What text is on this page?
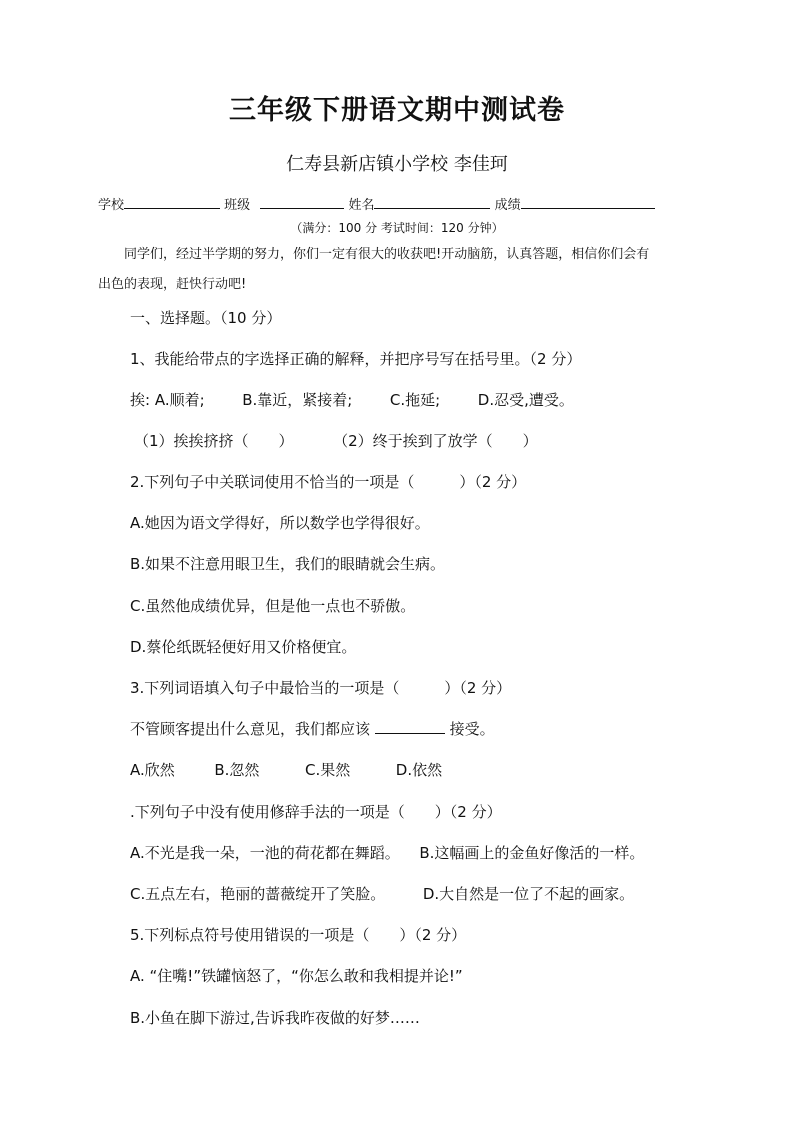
三年级下册语文期中测试卷
仁寿县新店镇小学校 李佳珂
学校	班级	姓名	成绩
（满分：100 分 考试时间：120 分钟）
同学们，经过半学期的努力，你们一定有很大的收获吧!开动脑筋，认真答题，相信你们会有
出色的表现，赶快行动吧!
一、选择题。（10 分）
1、我能给带点的字选择正确的解释，并把序号写在括号里。（2 分）
挨: A.顺着;	B.靠近，紧接着;	C.拖延;	D.忍受,遭受。
（1）挨挨挤挤（　　）	（2）终于挨到了放学（　　）
2.下列句子中关联词使用不恰当的一项是（　　　）（2 分）
A.她因为语文学得好，所以数学也学得很好。
B.如果不注意用眼卫生，我们的眼睛就会生病。
C.虽然他成绩优异，但是他一点也不骄傲。
D.蔡伦纸既轻便好用又价格便宜。
3.下列词语填入句子中最恰当的一项是（　　　）（2 分）
不管顾客提出什么意见，我们都应该	接受。
A.欣然	B.忽然	C.果然	D.依然
.下列句子中没有使用修辞手法的一项是（　　）（2 分）
A.不光是我一朵，一池的荷花都在舞蹈。 B.这幅画上的金鱼好像活的一样。
C.五点左右，艳丽的蔷薇绽开了笑脸。	D.大自然是一位了不起的画家。
5.下列标点符号使用错误的一项是（　　）（2 分）
A. “住嘴!”铁罐恼怒了，“你怎么敢和我相提并论!”
B.小鱼在脚下游过,告诉我昨夜做的好梦……
